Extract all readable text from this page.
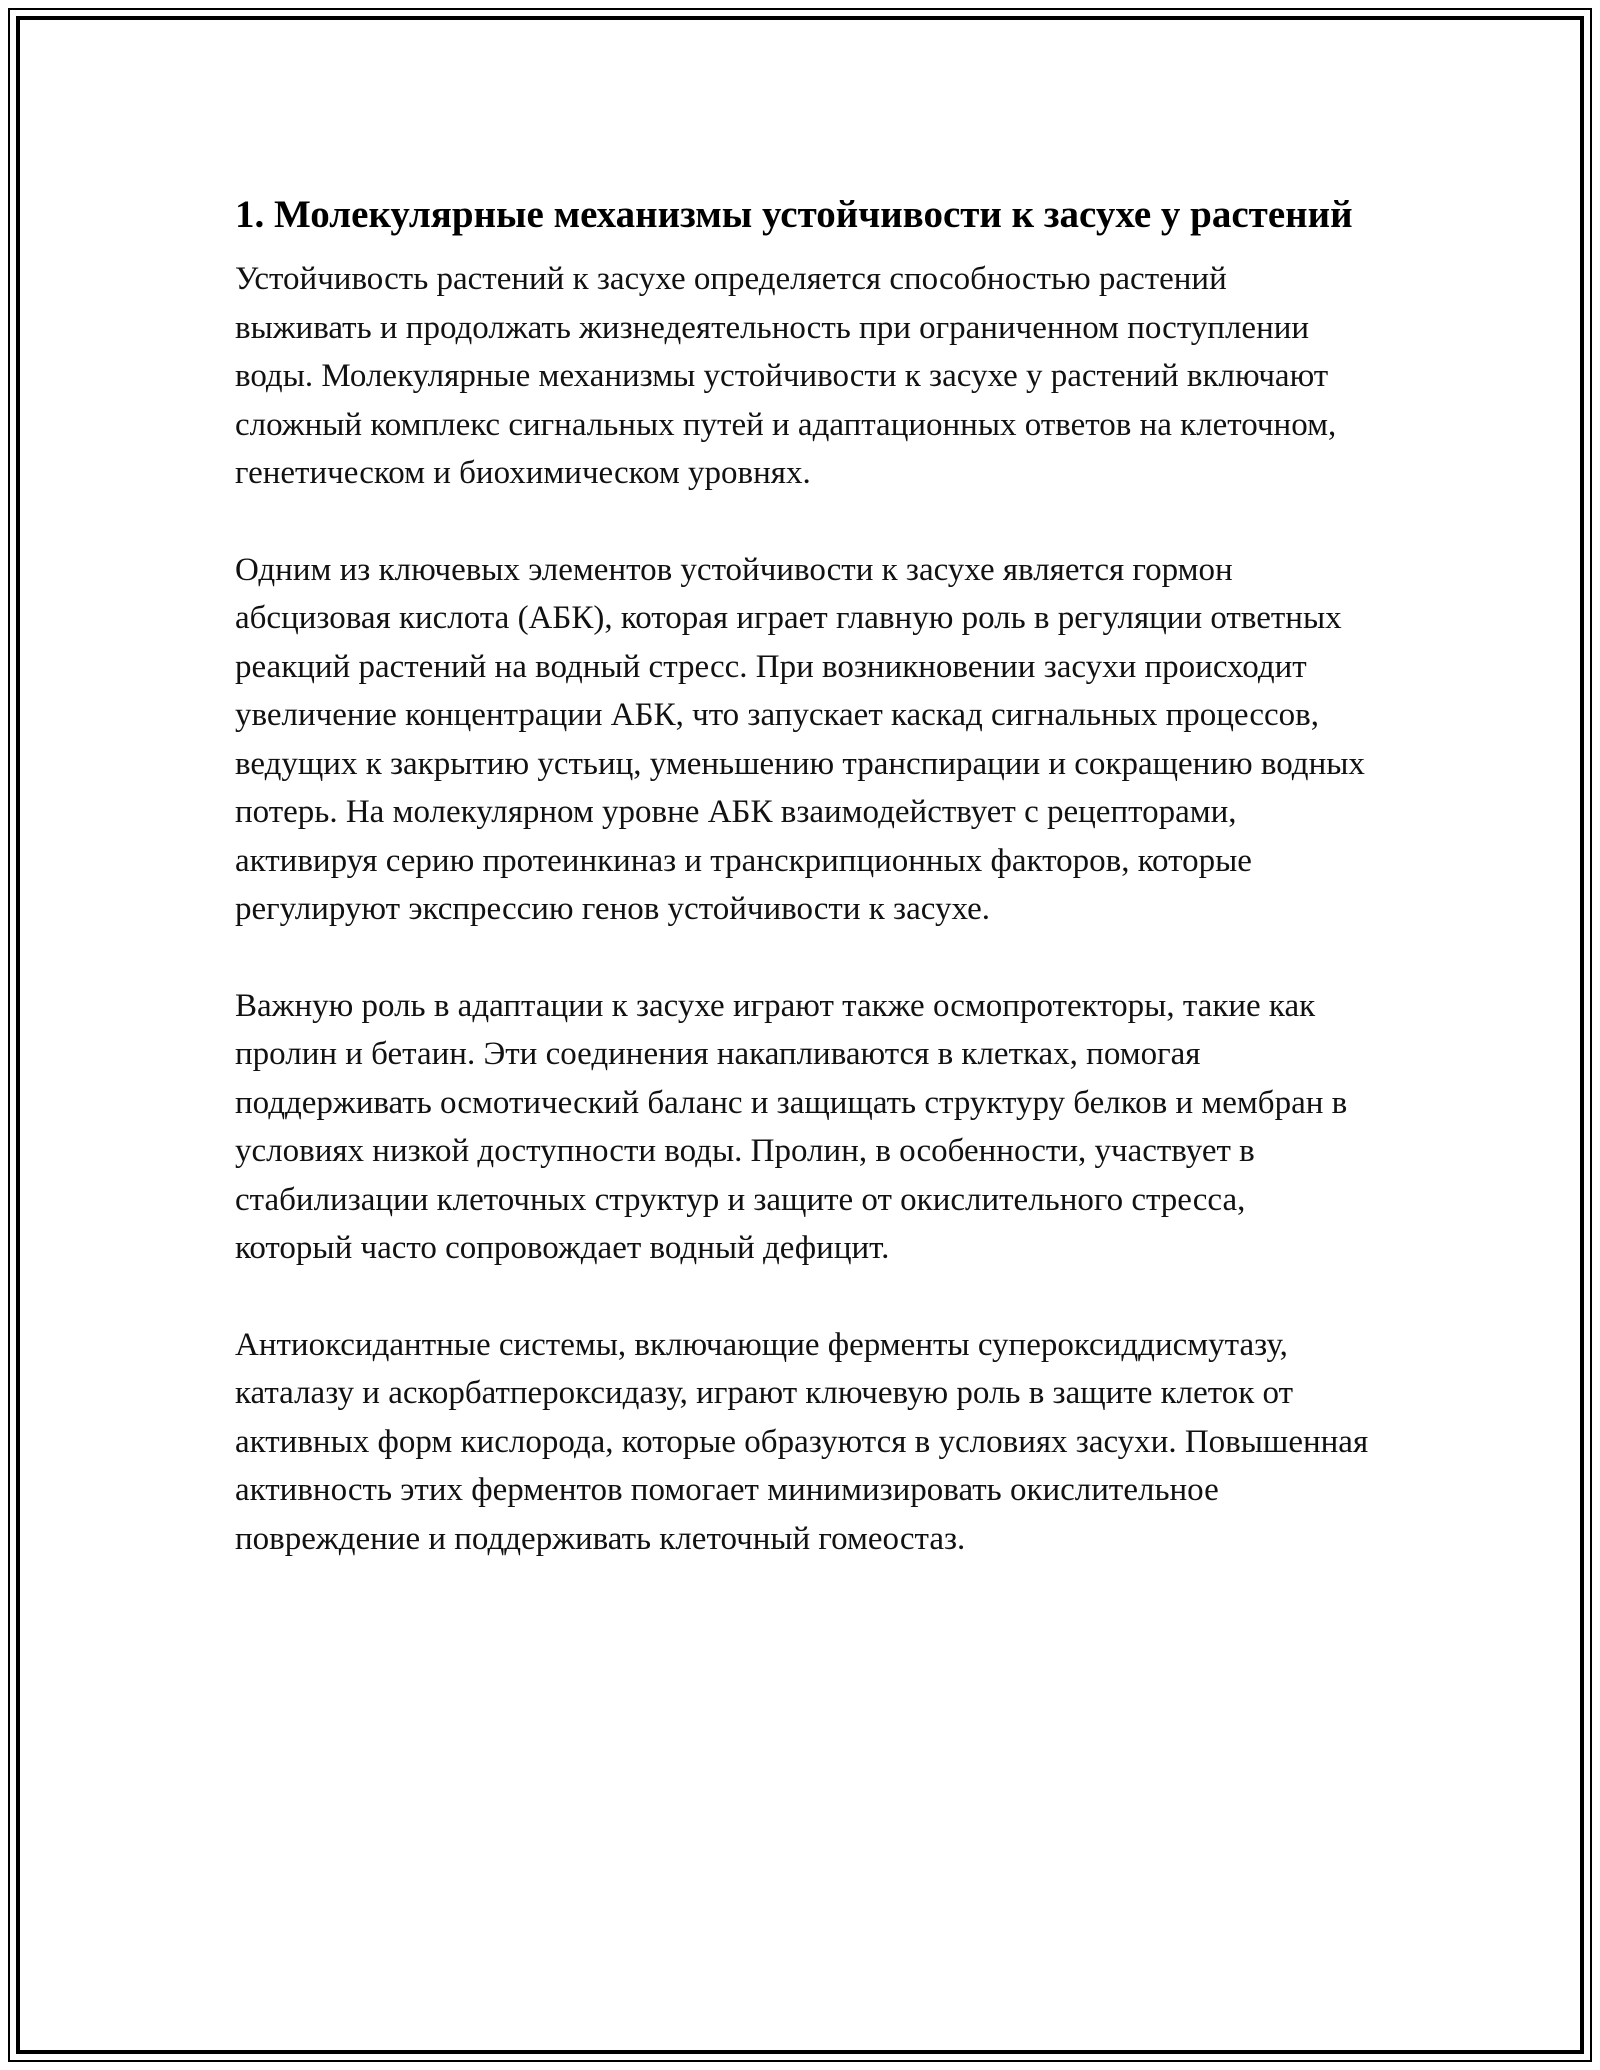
1. Молекулярные механизмы устойчивости к засухе у растений

Устойчивость растений к засухе определяется способностью растений выживать и продолжать жизнедеятельность при ограниченном поступлении воды. Молекулярные механизмы устойчивости к засухе у растений включают сложный комплекс сигнальных путей и адаптационных ответов на клеточном, генетическом и биохимическом уровнях.

Одним из ключевых элементов устойчивости к засухе является гормон абсцизовая кислота (АБК), которая играет главную роль в регуляции ответных реакций растений на водный стресс. При возникновении засухи происходит увеличение концентрации АБК, что запускает каскад сигнальных процессов, ведущих к закрытию устьиц, уменьшению транспирации и сокращению водных потерь. На молекулярном уровне АБК взаимодействует с рецепторами, активируя серию протеинкиназ и транскрипционных факторов, которые регулируют экспрессию генов устойчивости к засухе.

Важную роль в адаптации к засухе играют также осмопротекторы, такие как пролин и бетаин. Эти соединения накапливаются в клетках, помогая поддерживать осмотический баланс и защищать структуру белков и мембран в условиях низкой доступности воды. Пролин, в особенности, участвует в стабилизации клеточных структур и защите от окислительного стресса, который часто сопровождает водный дефицит.

Антиоксидантные системы, включающие ферменты супероксиддисмутазу, каталазу и аскорбатпероксидазу, играют ключевую роль в защите клеток от активных форм кислорода, которые образуются в условиях засухи. Повышенная активность этих ферментов помогает минимизировать окислительное повреждение и поддерживать клеточный гомеостаз.
